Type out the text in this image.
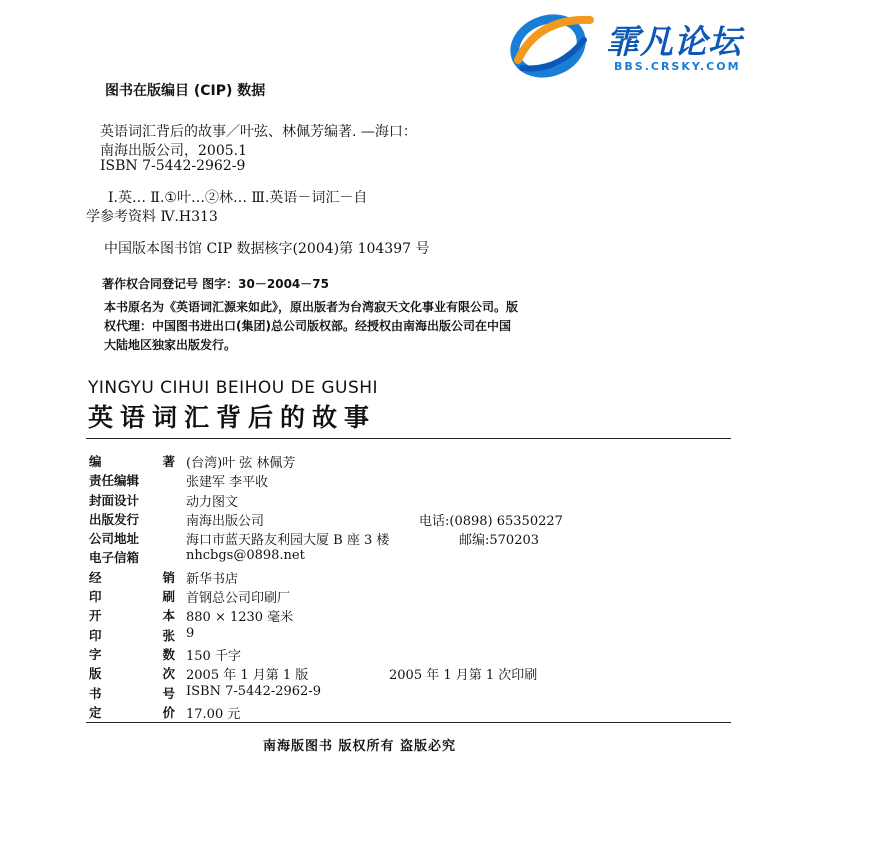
霏凡论坛
BBS.CRSKY.COM
图书在版编目 (CIP) 数据
英语词汇背后的故事／叶弦、林佩芳编著. —海口：
南海出版公司，2005.1
ISBN 7-5442-2962-9
Ⅰ.英… Ⅱ.①叶…②林… Ⅲ.英语－词汇－自
学参考资料 Ⅳ.H313
中国版本图书馆 CIP 数据核字(2004)第 104397 号
著作权合同登记号 图字：30－2004－75
本书原名为《英语词汇源来如此》，原出版者为台湾寂天文化事业有限公司。版
权代理：中国图书进出口(集团)总公司版权部。经授权由南海出版公司在中国
大陆地区独家出版发行。
YINGYU CIHUI BEIHOU DE GUSHI
英语词汇背后的故事
编	著 (台湾)叶 弦 林佩芳
责任编辑	张建军 李平收
封面设计	动力图文
出版发行	南海出版公司	电话:(0898) 65350227
公司地址	海口市蓝天路友利园大厦 B 座 3 楼	邮编:570203
电子信箱	nhcbgs@0898.net
经	销 新华书店
印	刷 首钢总公司印刷厂
开	本 880 × 1230 毫米
印	张 9
字	数 150 千字
版	次 2005 年 1 月第 1 版	2005 年 1 月第 1 次印刷
书	号 ISBN 7-5442-2962-9
定	价 17.00 元
南海版图书 版权所有 盗版必究
